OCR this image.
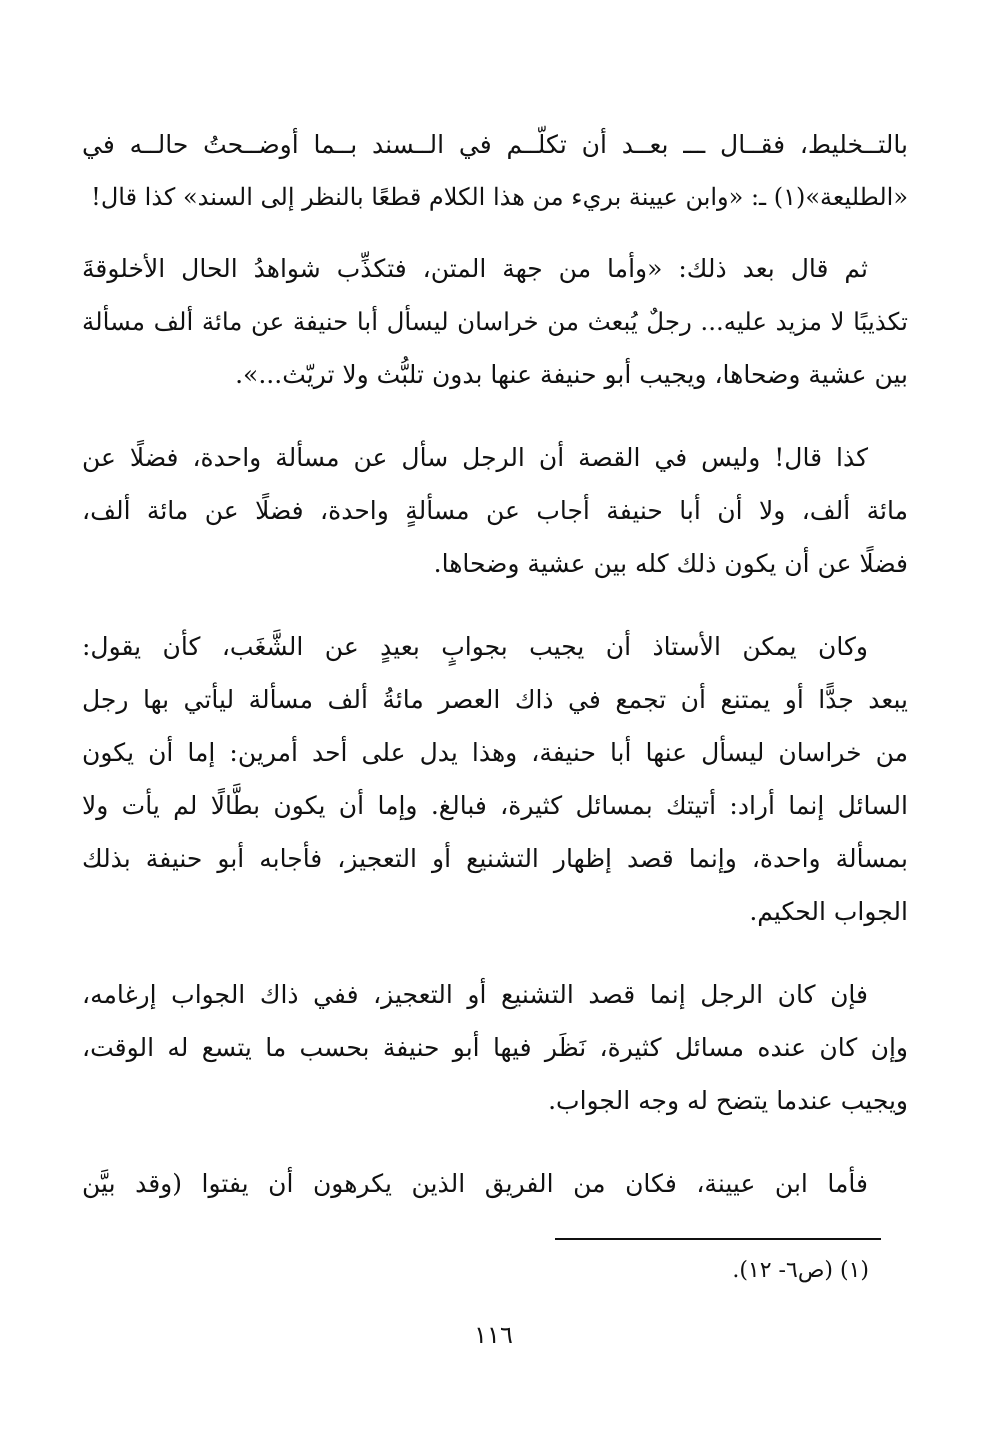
بالتــخليط، فقــال ـــ بعــد أن تكلّــم في الــسند بــما أوضــحتُ حالــه في
«الطليعة»(١) ـ: «وابن عيينة بريء من هذا الكلام قطعًا بالنظر إلى السند» كذا قال!

ثم قال بعد ذلك: «وأما من جهة المتن، فتكذِّب شواهدُ الحال الأخلوقةَ
تكذيبًا لا مزيد عليه... رجلٌ يُبعث من خراسان ليسأل أبا حنيفة عن مائة ألف مسألة
بين عشية وضحاها، ويجيب أبو حنيفة عنها بدون تلبُّث ولا تريّث...».

كذا قال! وليس في القصة أن الرجل سأل عن مسألة واحدة، فضلًا عن
مائة ألف، ولا أن أبا حنيفة أجاب عن مسألةٍ واحدة، فضلًا عن مائة ألف،
فضلًا عن أن يكون ذلك كله بين عشية وضحاها.

وكان يمكن الأستاذ أن يجيب بجوابٍ بعيدٍ عن الشَّغَب، كأن يقول:
يبعد جدًّا أو يمتنع أن تجمع في ذاك العصر مائةُ ألف مسألة ليأتي بها رجل
من خراسان ليسأل عنها أبا حنيفة، وهذا يدل على أحد أمرين: إما أن يكون
السائل إنما أراد: أتيتك بمسائل كثيرة، فبالغ. وإما أن يكون بطَّالًا لم يأت ولا
بمسألة واحدة، وإنما قصد إظهار التشنيع أو التعجيز، فأجابه أبو حنيفة بذلك
الجواب الحكيم.

فإن كان الرجل إنما قصد التشنيع أو التعجيز، ففي ذاك الجواب إرغامه،
وإن كان عنده مسائل كثيرة، نَظَر فيها أبو حنيفة بحسب ما يتسع له الوقت،
ويجيب عندما يتضح له وجه الجواب.

فأما ابن عيينة، فكان من الفريق الذين يكرهون أن يفتوا (وقد بيَّن

(١) (ص٦- ١٢).
١١٦
